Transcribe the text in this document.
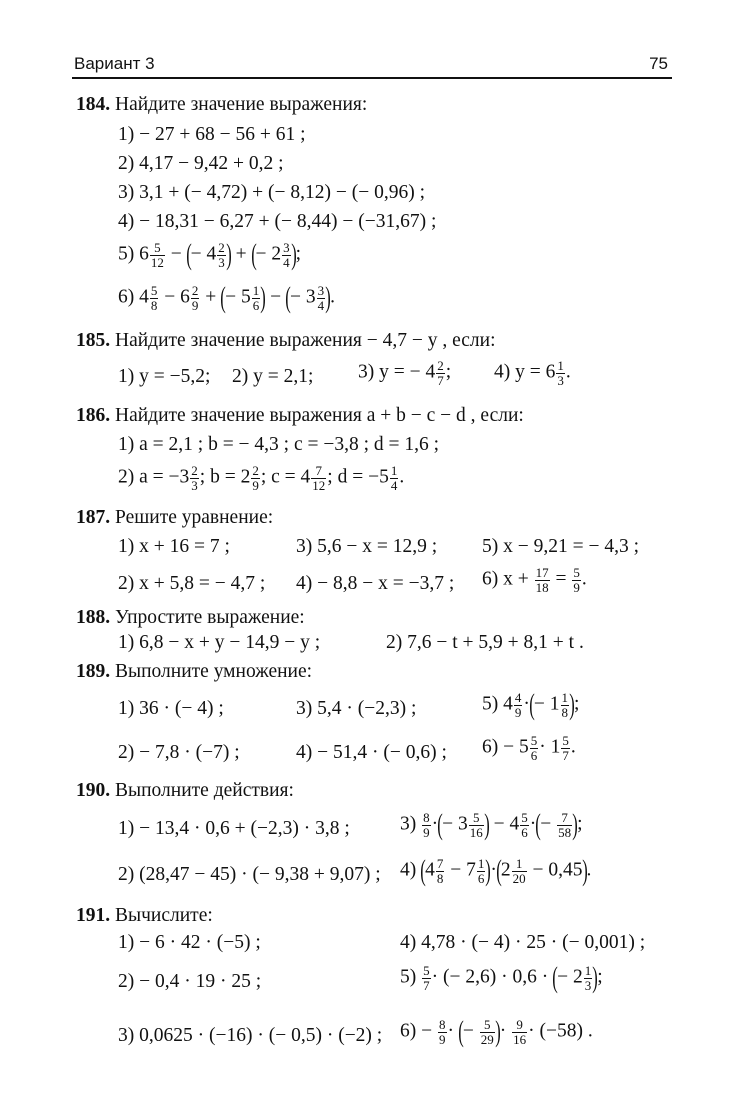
Вариант 3	75
184. Найдите значение выражения:
1) − 27 + 68 − 56 + 61 ;
2) 4,17 − 9,42 + 0,2 ;
3) 3,1 + (− 4,72) + (− 8,12) − (− 0,96) ;
4) − 18,31 − 6,27 + (− 8,44) − (−31,67) ;
5) $6 \frac{5}{12}$ − (− $4 \frac{2}{3}$ ) + (− $2 \frac{3}{4}$ );
6) $4 \frac{5}{8} - 6 \frac{2}{9}$ + (− $5 \frac{1}{6}$ ) − (− $3 \frac{3}{4}$ ).
185. Найдите значение выражения − 4,7 − y , если:
1) y = −5,2; 2) y = 2,1; 3) y = − $4 \frac{2}{7}$ ; 4) $y = 6 \frac{1}{3}$ .
186. Найдите значение выражения a + b − c − d , если:
1) a = 2,1 ; b = − 4,3 ; c = −3,8 ; d = 1,6 ;
2) $a = -3 \frac{2}{3}$ ; $b = 2 \frac{2}{9}$ ; $c = 4 \frac{7}{12}$ ; $d = -5 \frac{1}{4}$ .
187. Решите уравнение:
1) x + 16 = 7 ;	3) 5,6 − x = 12,9 ; 5) x − 9,21 = − 4,3 ;
2) x + 5,8 = − 4,7 ; 4) − 8,8 − x = −3,7 ; 6) $x + \frac{17}{18} = \frac{5}{9}$ .
188. Упростите выражение:
1) 6,8 − x + y − 14,9 − y ;	2) 7,6 − t + 5,9 + 8,1 + t .
189. Выполните умножение:
1) 36 · (− 4) ;	3) 5,4 · (−2,3) ;	5) $4 \frac{4}{9}$ ·(− $1 \frac{1}{8}$ );
2) − 7,8 · (−7) ;	4) − 51,4 · (− 0,6) ; $6) - 5 \frac{5}{6} \cdot 1 \frac{5}{7}$ .
190. Выполните действия:
1) − 13,4 · 0,6 + (−2,3) · 3,8 ;	$3) \frac{8}{9}$ ·(− $3 \frac{5}{16}$ ) − $4 \frac{5}{6}$ ·(− $\frac{7}{58}$ );
2) (28,47 − 45) · (− 9,38 + 9,07) ; 4) $(4 \frac{7}{8} - 7 \frac{1}{6} )\cdot(2 \frac{1}{20} - 0,45)$.
191. Вычислите:
1) − 6 · 42 · (−5) ;	4) 4,78 · (− 4) · 25 · (− 0,001) ;
2) − 0,4 · 19 · 25 ;	$5) \frac{5}{7}$ · (− 2,6) · 0,6 · (− $2 \frac{1}{3}$ );
3) 0,0625 · (−16) · (− 0,5) · (−2) ; $6) - \frac{8}{9}$ · (− $\frac{5}{29}$ )· $\frac{9}{16} \cdot (-58)$ .
